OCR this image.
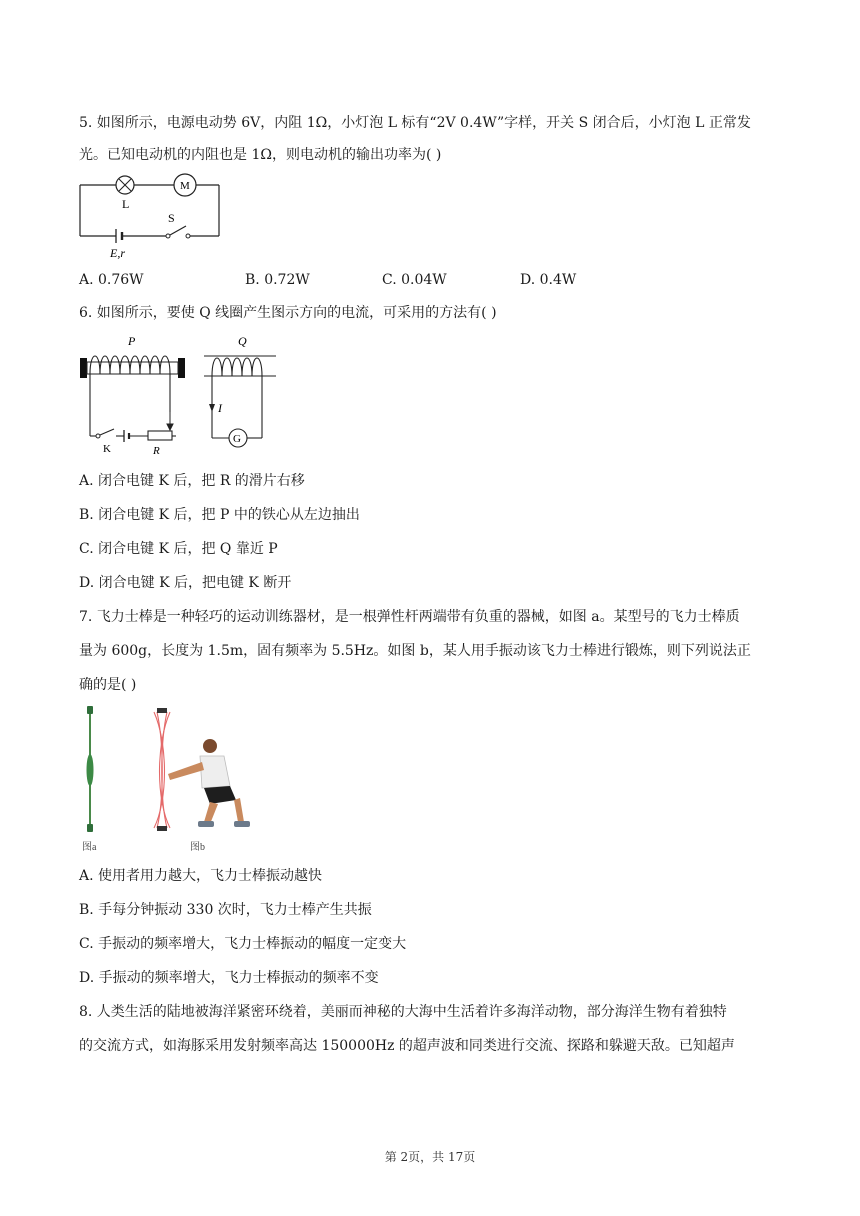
5. 如图所示，电源电动势 6V，内阻 1Ω，小灯泡 L 标有“2V 0.4W”字样，开关 S 闭合后，小灯泡 L 正常发
光。已知电动机的内阻也是 1Ω，则电动机的输出功率为( )
L
M
S
E,r
A. 0.76W	B. 0.72W	C. 0.04W	D. 0.4W
6. 如图所示，要使 Q 线圈产生图示方向的电流，可采用的方法有( )
P
K	R
Q
I
G
A. 闭合电键 K 后，把 R 的滑片右移
B. 闭合电键 K 后，把 P 中的铁心从左边抽出
C. 闭合电键 K 后，把 Q 靠近 P
D. 闭合电键 K 后，把电键 K 断开
7. 飞力士棒是一种轻巧的运动训练器材，是一根弹性杆两端带有负重的器械，如图 a。某型号的飞力士棒质
量为 600g，长度为 1.5m，固有频率为 5.5Hz。如图 b，某人用手振动该飞力士棒进行锻炼，则下列说法正
确的是( )
图a	图b
A. 使用者用力越大，飞力士棒振动越快
B. 手每分钟振动 330 次时，飞力士棒产生共振
C. 手振动的频率增大，飞力士棒振动的幅度一定变大
D. 手振动的频率增大，飞力士棒振动的频率不变
8. 人类生活的陆地被海洋紧密环绕着，美丽而神秘的大海中生活着许多海洋动物，部分海洋生物有着独特
的交流方式，如海豚采用发射频率高达 150000Hz 的超声波和同类进行交流、探路和躲避天敌。已知超声
第 2页，共 17页
